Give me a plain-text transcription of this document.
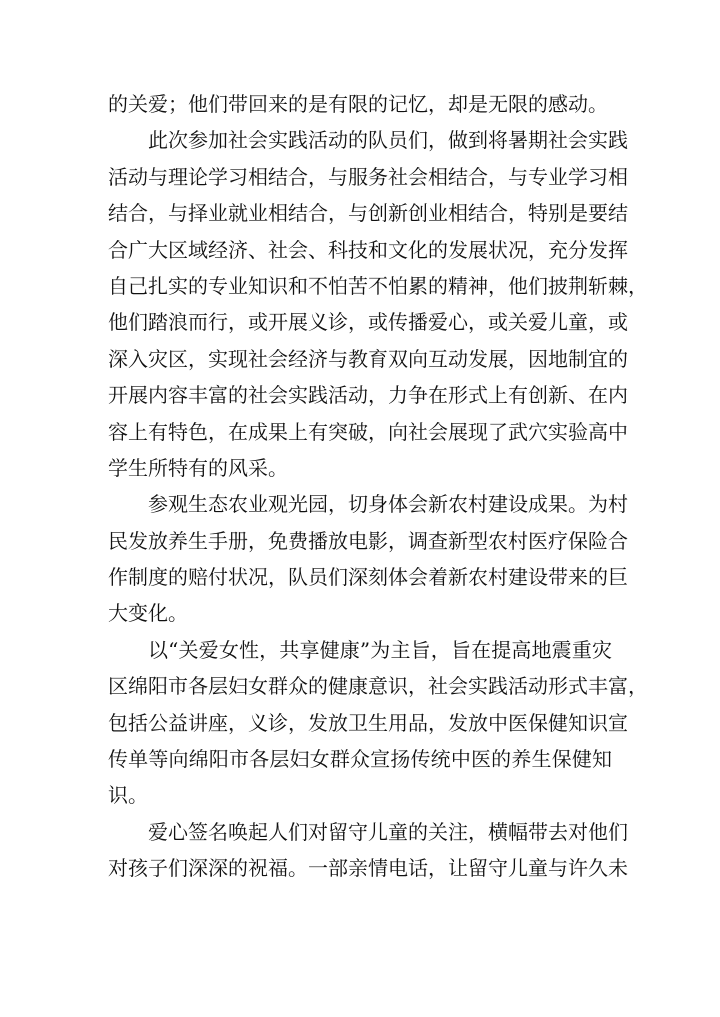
的关爱；他们带回来的是有限的记忆，却是无限的感动。
此次参加社会实践活动的队员们，做到将暑期社会实践
活动与理论学习相结合，与服务社会相结合，与专业学习相
结合，与择业就业相结合，与创新创业相结合，特别是要结
合广大区域经济、社会、科技和文化的发展状况，充分发挥
自己扎实的专业知识和不怕苦不怕累的精神，他们披荆斩棘，
他们踏浪而行，或开展义诊，或传播爱心，或关爱儿童，或
深入灾区，实现社会经济与教育双向互动发展，因地制宜的
开展内容丰富的社会实践活动，力争在形式上有创新、在内
容上有特色，在成果上有突破，向社会展现了武穴实验高中
学生所特有的风采。
参观生态农业观光园，切身体会新农村建设成果。为村
民发放养生手册，免费播放电影，调查新型农村医疗保险合
作制度的赔付状况，队员们深刻体会着新农村建设带来的巨
大变化。
以“关爱女性，共享健康”为主旨，旨在提高地震重灾
区绵阳市各层妇女群众的健康意识，社会实践活动形式丰富，
包括公益讲座，义诊，发放卫生用品，发放中医保健知识宣
传单等向绵阳市各层妇女群众宣扬传统中医的养生保健知
识。
爱心签名唤起人们对留守儿童的关注，横幅带去对他们
对孩子们深深的祝福。一部亲情电话，让留守儿童与许久未
